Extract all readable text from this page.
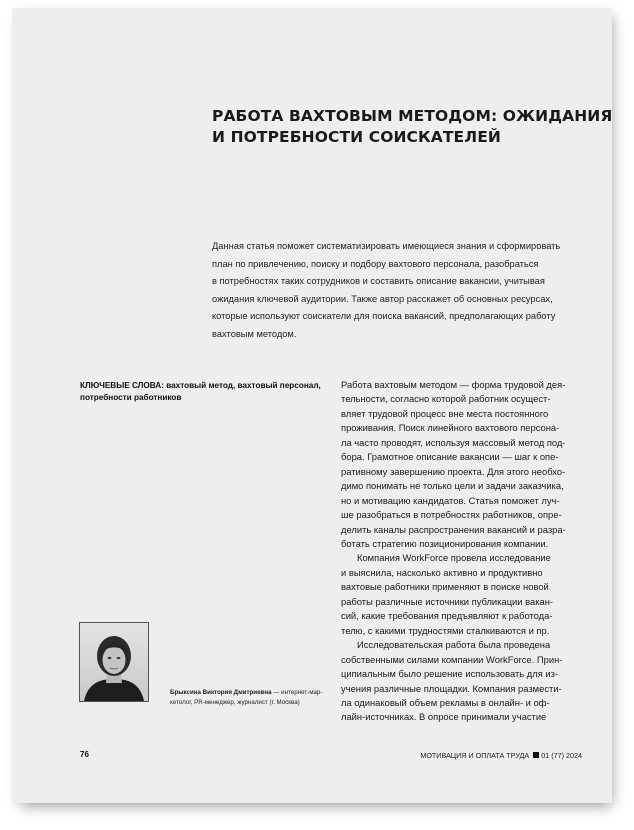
РАБОТА ВАХТОВЫМ МЕТОДОМ: ОЖИДАНИЯ
И ПОТРЕБНОСТИ СОИСКАТЕЛЕЙ
Данная статья поможет систематизировать имеющиеся знания и сформировать
план по привлечению, поиску и подбору вахтового персонала, разобраться
в потребностях таких сотрудников и составить описание вакансии, учитывая
ожидания ключевой аудитории. Также автор расскажет об основных ресурсах,
которые используют соискатели для поиска вакансий, предполагающих работу
вахтовым методом.
КЛЮЧЕВЫЕ СЛОВА: вахтовый метод, вахтовый персонал,
потребности работников
Работа вахтовым методом — форма трудовой дея-
тельности, согласно которой работник осущест-
вляет трудовой процесс вне места постоянного
проживания. Поиск линейного вахтового персона-
ла часто проводят, используя массовый метод под-
бора. Грамотное описание вакансии — шаг к опе-
ративному завершению проекта. Для этого необхо-
димо понимать не только цели и задачи заказчика,
но и мотивацию кандидатов. Статья поможет луч-
ше разобраться в потребностях работников, опре-
делить каналы распространения вакансий и разра-
ботать стратегию позиционирования компании.
Компания WorkForce провела исследование
и выяснила, насколько активно и продуктивно
вахтовые работники применяют в поиске новой
работы различные источники публикации вакан-
сий, какие требования предъявляют к работода-
телю, с какими трудностями сталкиваются и пр.
Исследовательская работа была проведена
собственными силами компании WorkForce. Прин-
ципиальным было решение использовать для из-
учения различные площадки. Компания размести-
ла одинаковый объем рекламы в онлайн- и оф-
лайн-источниках. В опросе принимали участие
Брыксина Виктория Дмитриевна — интернет-мар-
кетолог, PR-менеджер, журналист (г. Москва)
76	МОТИВАЦИЯ И ОПЛАТА ТРУДА 01 (77) 2024
